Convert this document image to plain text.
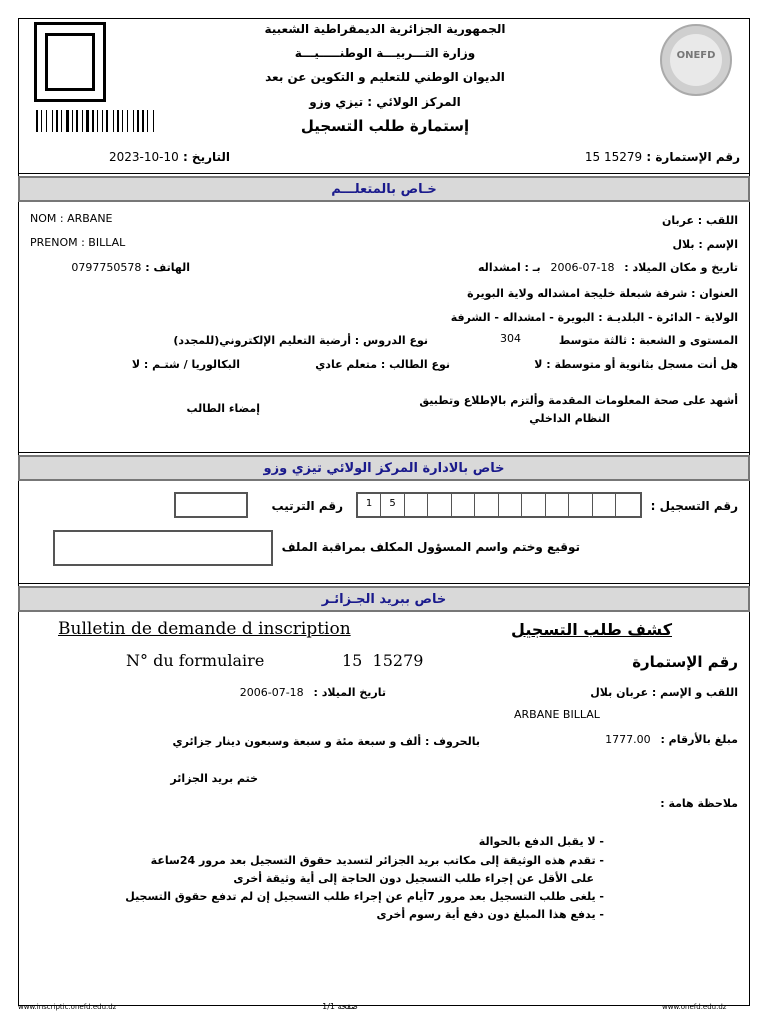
الجمهورية الجزائرية الديمقراطية الشعبية
وزارة التـــربيـــة الوطنـــــيـــة
الديوان الوطني للتعليم و التكوين عن بعد
المركز الولائي : تيزي وزو
إستمارة طلب التسجيل
ONEFD
رقم الإستمارة : 15 15279
التاريخ : 2023-10-10
خـاص بالمتعلـــم
NOM : ARBANE
PRENOM : BILLAL
الهاتف : 0797750578
اللقب : عربان
الإسم : بلال
تاريخ و مكان الميلاد : 2006-07-18 بـ : امشداله
العنوان : شرفة شبعلة خليجة امشداله ولاية البويرة
الولاية - الدائرة - البلديـة : البويرة - امشداله - الشرفة
المستوى و الشعبة : ثالثة متوسط
304
نوع الدروس : أرضية التعليم الإلكتروني(للمجدد)
هل أنت مسجل بثانوية أو متوسطة : لا
نوع الطالب : متعلم عادي
البكالوريا / شتـم : لا
أشهد على صحة المعلومات المقدمة وألتزم بالإطلاع وتطبيق
النظام الداخلي
إمضاء الطالب
خاص بالادارة المركز الولائي تيزي وزو
رقم التسجيل :
1	5
رقم الترتيب
توقيع وختم واسم المسؤول المكلف بمراقبة الملف
خاص ببريد الجـزائـر
Bulletin de demande d inscription	كشف طلب التسجيل
N° du formulaire	15  15279	رقم الإستمارة
اللقب و الإسم : عربان بلال
ARBANE BILLAL
تاريخ الميلاد : 2006-07-18
مبلغ بالأرقام : 1777.00
بالحروف : ألف و سبعة مئة و سبعة وسبعون دينار جزائري
ختم بريد الجزائر
ملاحظة هامة :
- لا يقبل الدفع بالحوالة
- تقدم هذه الوثيقة إلى مكاتب بريد الجزائر لتسديد حقوق التسجيل بعد مرور 24ساعة
على الأقل عن إجراء طلب التسجيل دون الحاجة إلى أية وثيقة أخرى
- يلغى طلب التسجيل بعد مرور 7أيام عن إجراء طلب التسجيل إن لم تدفع حقوق التسجيل
- يدفع هذا المبلغ دون دفع أية رسوم أخرى
www.inscriptic.onefd.edu.dz	صفحة 1/1	www.onefd.edu.dz
